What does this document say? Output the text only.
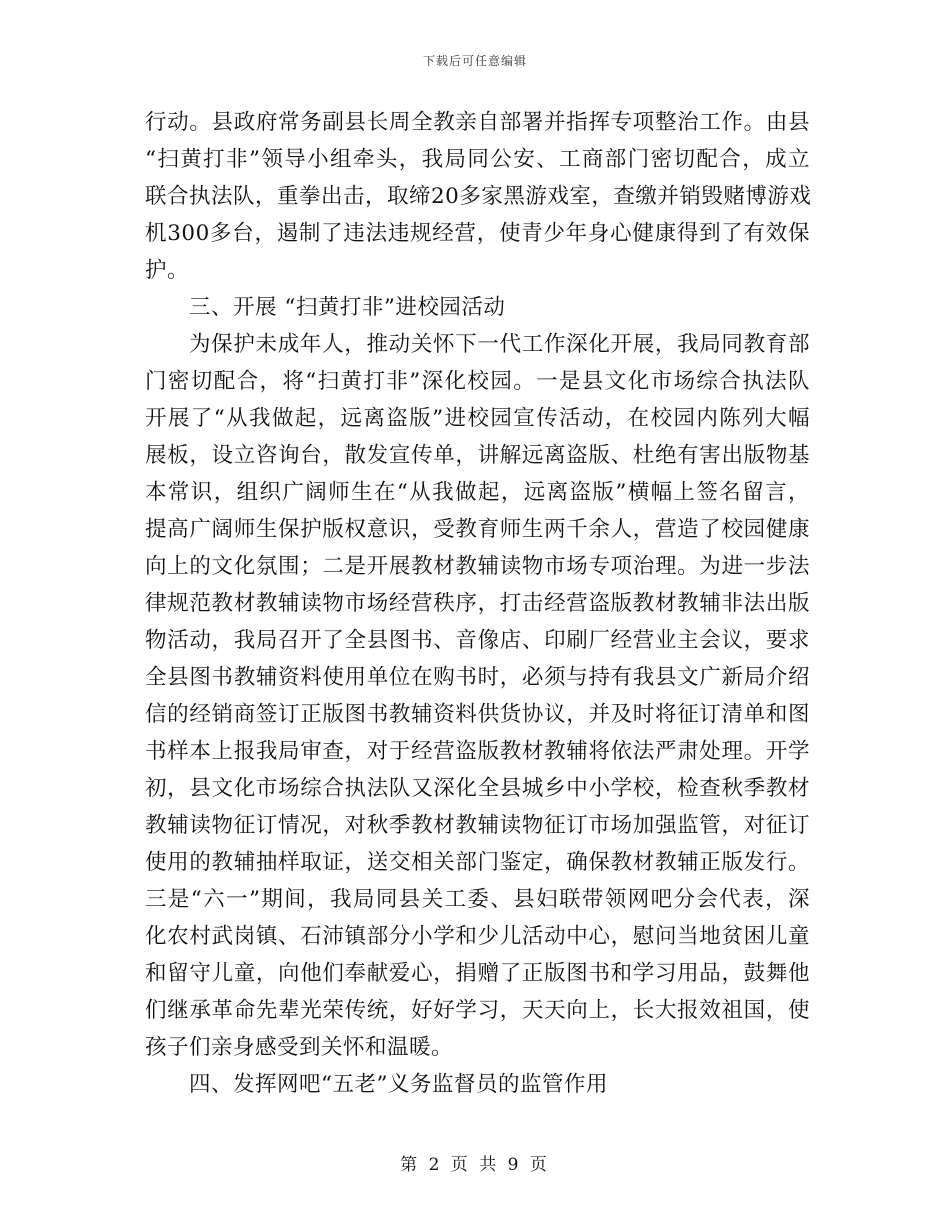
下载后可任意编辑
行动。县政府常务副县长周全教亲自部署并指挥专项整治工作。由县
“扫黄打非”领导小组牵头，我局同公安、工商部门密切配合，成立
联合执法队，重拳出击，取缔20多家黑游戏室，查缴并销毁赌博游戏
机300多台，遏制了违法违规经营，使青少年身心健康得到了有效保
护。
三、开展 “扫黄打非”进校园活动
为保护未成年人，推动关怀下一代工作深化开展，我局同教育部
门密切配合，将“扫黄打非”深化校园。一是县文化市场综合执法队
开展了“从我做起，远离盗版”进校园宣传活动，在校园内陈列大幅
展板，设立咨询台，散发宣传单，讲解远离盗版、杜绝有害出版物基
本常识，组织广阔师生在“从我做起，远离盗版”横幅上签名留言，
提高广阔师生保护版权意识，受教育师生两千余人，营造了校园健康
向上的文化氛围；二是开展教材教辅读物市场专项治理。为进一步法
律规范教材教辅读物市场经营秩序，打击经营盗版教材教辅非法出版
物活动，我局召开了全县图书、音像店、印刷厂经营业主会议，要求
全县图书教辅资料使用单位在购书时，必须与持有我县文广新局介绍
信的经销商签订正版图书教辅资料供货协议，并及时将征订清单和图
书样本上报我局审查，对于经营盗版教材教辅将依法严肃处理。开学
初，县文化市场综合执法队又深化全县城乡中小学校，检查秋季教材
教辅读物征订情况，对秋季教材教辅读物征订市场加强监管，对征订
使用的教辅抽样取证，送交相关部门鉴定，确保教材教辅正版发行。
三是“六一”期间，我局同县关工委、县妇联带领网吧分会代表，深
化农村武岗镇、石沛镇部分小学和少儿活动中心，慰问当地贫困儿童
和留守儿童，向他们奉献爱心，捐赠了正版图书和学习用品，鼓舞他
们继承革命先辈光荣传统，好好学习，天天向上，长大报效祖国，使
孩子们亲身感受到关怀和温暖。
四、发挥网吧“五老”义务监督员的监管作用
第 2 页 共 9 页
